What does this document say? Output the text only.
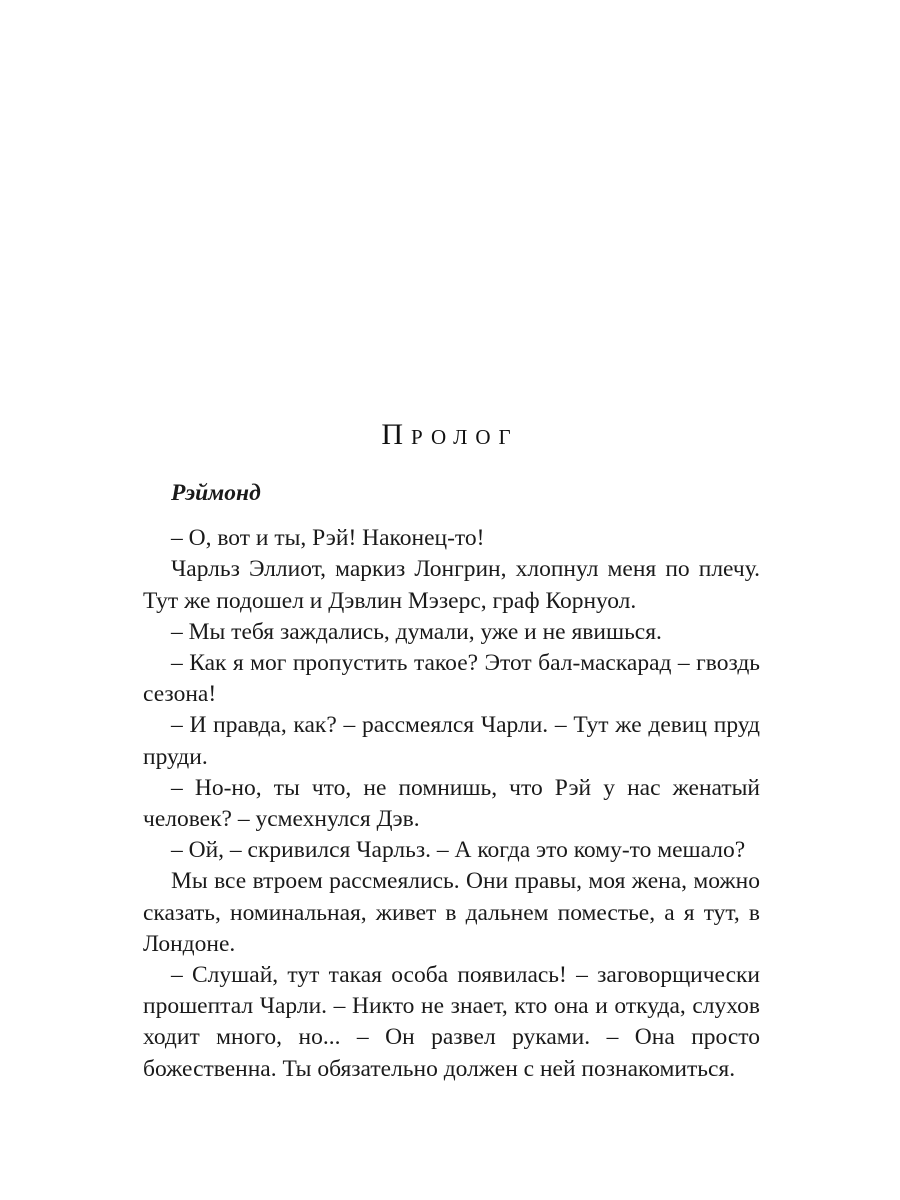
Пролог
Рэймонд

– О, вот и ты, Рэй! Наконец-то!

Чарльз Эллиот, маркиз Лонгрин, хлопнул меня по плечу. Тут же подошел и Дэвлин Мэзерс, граф Корнуол.

– Мы тебя заждались, думали, уже и не явишься.

– Как я мог пропустить такое? Этот бал-маскарад – гвоздь сезона!

– И правда, как? – рассмеялся Чарли. – Тут же девиц пруд пруди.

– Но-но, ты что, не помнишь, что Рэй у нас женатый человек? – усмехнулся Дэв.

– Ой, – скривился Чарльз. – А когда это кому-то мешало?

Мы все втроем рассмеялись. Они правы, моя жена, можно сказать, номинальная, живет в дальнем поместье, а я тут, в Лондоне.

– Слушай, тут такая особа появилась! – заговорщически прошептал Чарли. – Никто не знает, кто она и откуда, слухов ходит много, но... – Он развел руками. – Она просто божественна. Ты обязательно должен с ней познакомиться.
